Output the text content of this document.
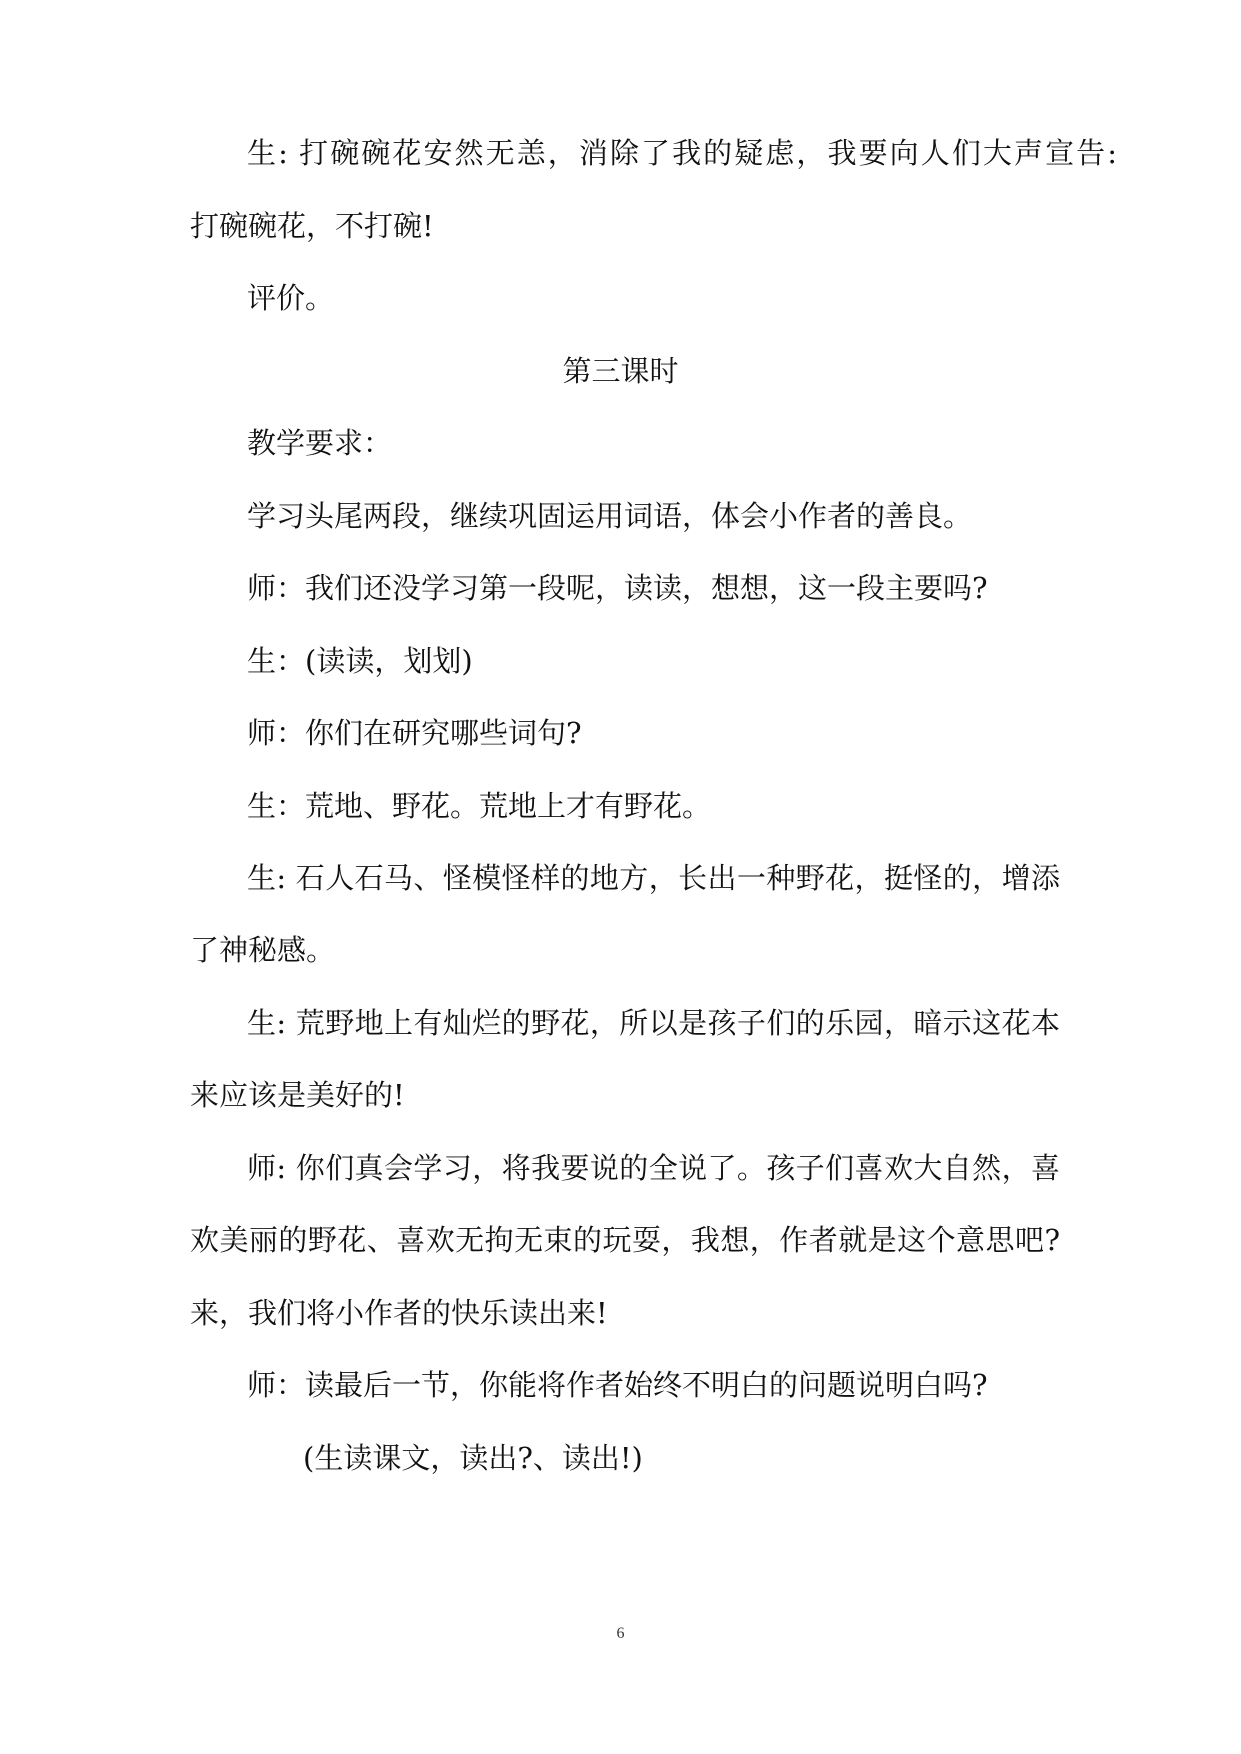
生: 打碗碗花安然无恙，消除了我的疑虑，我要向人们大声宣告:
打碗碗花，不打碗!
评价。
第三课时
教学要求：
学习头尾两段，继续巩固运用词语，体会小作者的善良。
师：我们还没学习第一段呢，读读，想想，这一段主要吗?
生：(读读，划划)
师：你们在研究哪些词句?
生：荒地、野花。荒地上才有野花。
生: 石人石马、怪模怪样的地方，长出一种野花，挺怪的，增添
了神秘感。
生: 荒野地上有灿烂的野花，所以是孩子们的乐园，暗示这花本
来应该是美好的!
师: 你们真会学习，将我要说的全说了。孩子们喜欢大自然，喜
欢美丽的野花、喜欢无拘无束的玩耍，我想，作者就是这个意思吧?
来，我们将小作者的快乐读出来!
师：读最后一节，你能将作者始终不明白的问题说明白吗?
(生读课文，读出?、读出!)
6
